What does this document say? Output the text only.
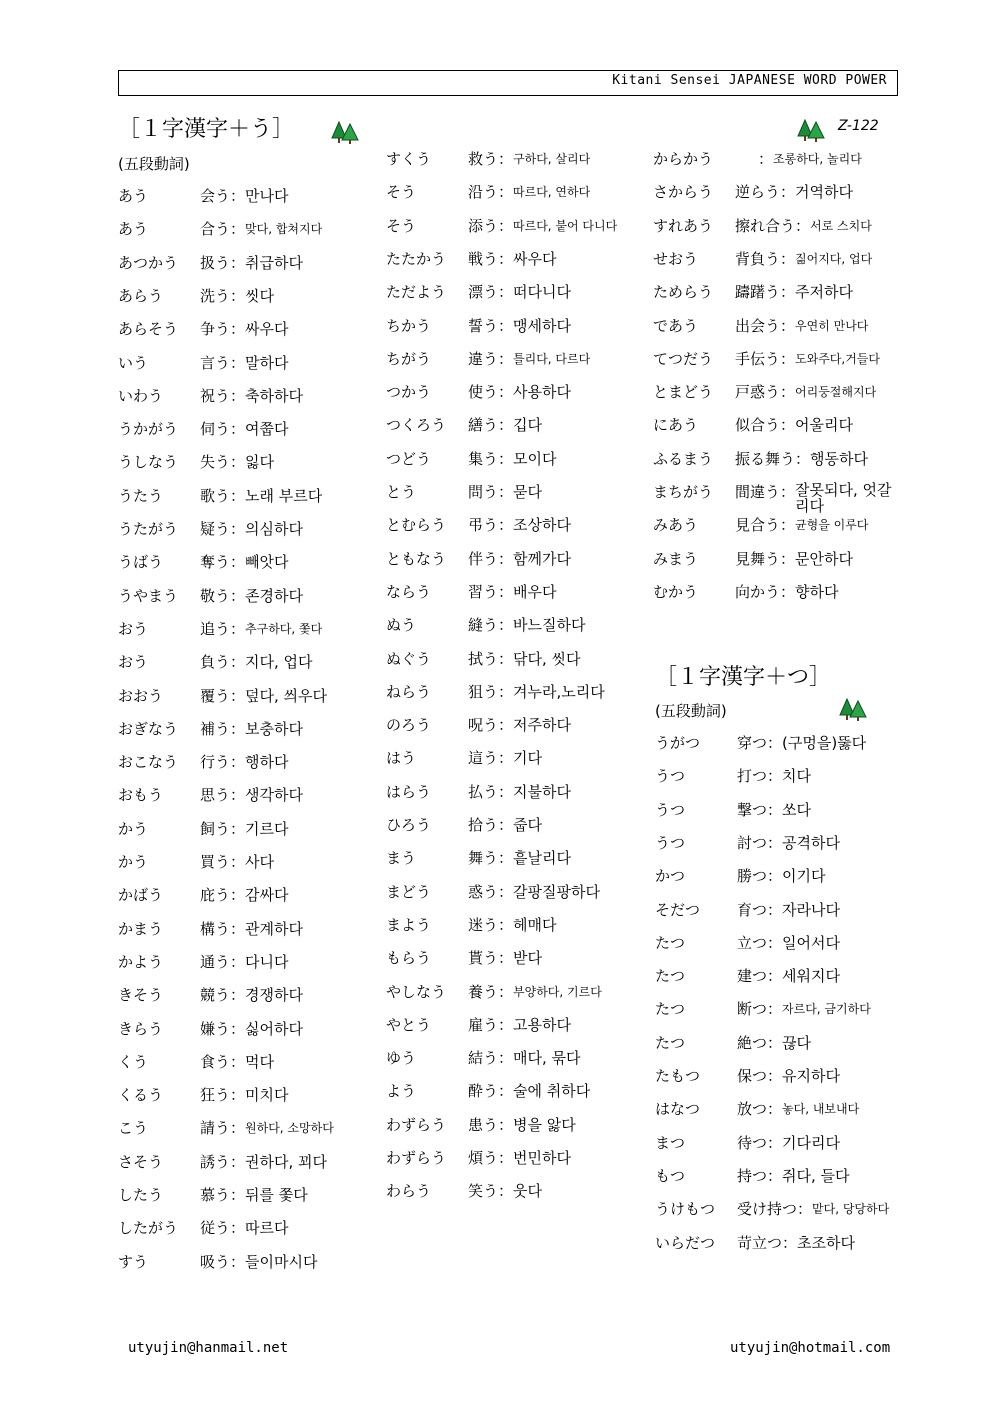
Kitani Sensei JAPANESE WORD POWER
［１字漢字＋う］
(五段動詞)
Z-122
あう	会う： 만나다
あう	合う： 맞다, 합쳐지다
あつかう 扱う： 취급하다
あらう 洗う： 씻다
あらそう 争う： 싸우다
いう	言う： 말하다
いわう 祝う： 축하하다
うかがう 伺う： 여쭙다
うしなう 失う： 잃다
うたう 歌う： 노래 부르다
うたがう 疑う： 의심하다
うばう 奪う： 빼앗다
うやまう 敬う： 존경하다
おう	追う： 추구하다, 쫓다
おう	負う： 지다, 업다
おおう 覆う： 덮다, 씌우다
おぎなう 補う： 보충하다
おこなう 行う： 행하다
おもう 思う： 생각하다
かう	飼う： 기르다
かう	買う： 사다
かばう 庇う： 감싸다
かまう 構う： 관계하다
かよう 通う： 다니다
きそう 競う： 경쟁하다
きらう 嫌う： 싫어하다
くう	食う： 먹다
くるう 狂う： 미치다
こう	請う： 원하다, 소망하다
さそう 誘う： 권하다, 꾀다
したう 慕う： 뒤를 쫓다
したがう 従う： 따르다
すう	吸う： 들이마시다
すくう 救う： 구하다, 살리다
そう	沿う： 따르다, 연하다
そう	添う： 따르다, 붙어 다니다
たたかう 戦う： 싸우다
ただよう 漂う： 떠다니다
ちかう 誓う： 맹세하다
ちがう 違う： 틀리다, 다르다
つかう 使う： 사용하다
つくろう 繕う： 깁다
つどう 集う： 모이다
とう	問う： 묻다
とむらう 弔う： 조상하다
ともなう 伴う： 함께가다
ならう 習う： 배우다
ぬう	縫う： 바느질하다
ぬぐう 拭う： 닦다, 씻다
ねらう 狙う： 겨누라,노리다
のろう 呪う： 저주하다
はう	這う： 기다
はらう 払う： 지불하다
ひろう 拾う： 줍다
まう	舞う： 흩날리다
まどう 惑う： 갈팡질팡하다
まよう 迷う： 헤매다
もらう 貰う： 받다
やしなう 養う： 부양하다, 기르다
やとう 雇う： 고용하다
ゆう	結う： 매다, 묶다
よう	酔う： 술에 취하다
わずらう 患う： 병을 앓다
わずらう 煩う： 번민하다
わらう 笑う： 웃다
からかう	： 조롱하다, 놀리다
さからう 逆らう： 거역하다
すれあう 擦れ合う： 서로 스치다
せおう 背負う： 짊어지다, 업다
ためらう 躊躇う： 주저하다
であう 出会う： 우연히 만나다
てつだう 手伝う： 도와주다,거들다
とまどう 戸惑う： 어리둥절해지다
にあう 似合う： 어울리다
ふるまう 振る舞う： 행동하다
まちがう 間違う： 잘못되다, 엇갈리다
みあう 見合う： 균형을 이루다
みまう 見舞う： 문안하다
むかう 向かう： 향하다
［１字漢字＋つ］
(五段動詞)
うがつ 穿つ： (구멍을)뚫다
うつ	打つ： 치다
うつ	撃つ： 쏘다
うつ	討つ： 공격하다
かつ	勝つ： 이기다
そだつ 育つ： 자라나다
たつ	立つ： 일어서다
たつ	建つ： 세워지다
たつ	断つ： 자르다, 금기하다
たつ	絶つ： 끊다
たもつ 保つ： 유지하다
はなつ 放つ： 놓다, 내보내다
まつ	待つ： 기다리다
もつ	持つ： 쥐다, 들다
うけもつ 受け持つ： 맡다, 당당하다
いらだつ 苛立つ： 초조하다
utyujin@hanmail.net	utyujin@hotmail.com
